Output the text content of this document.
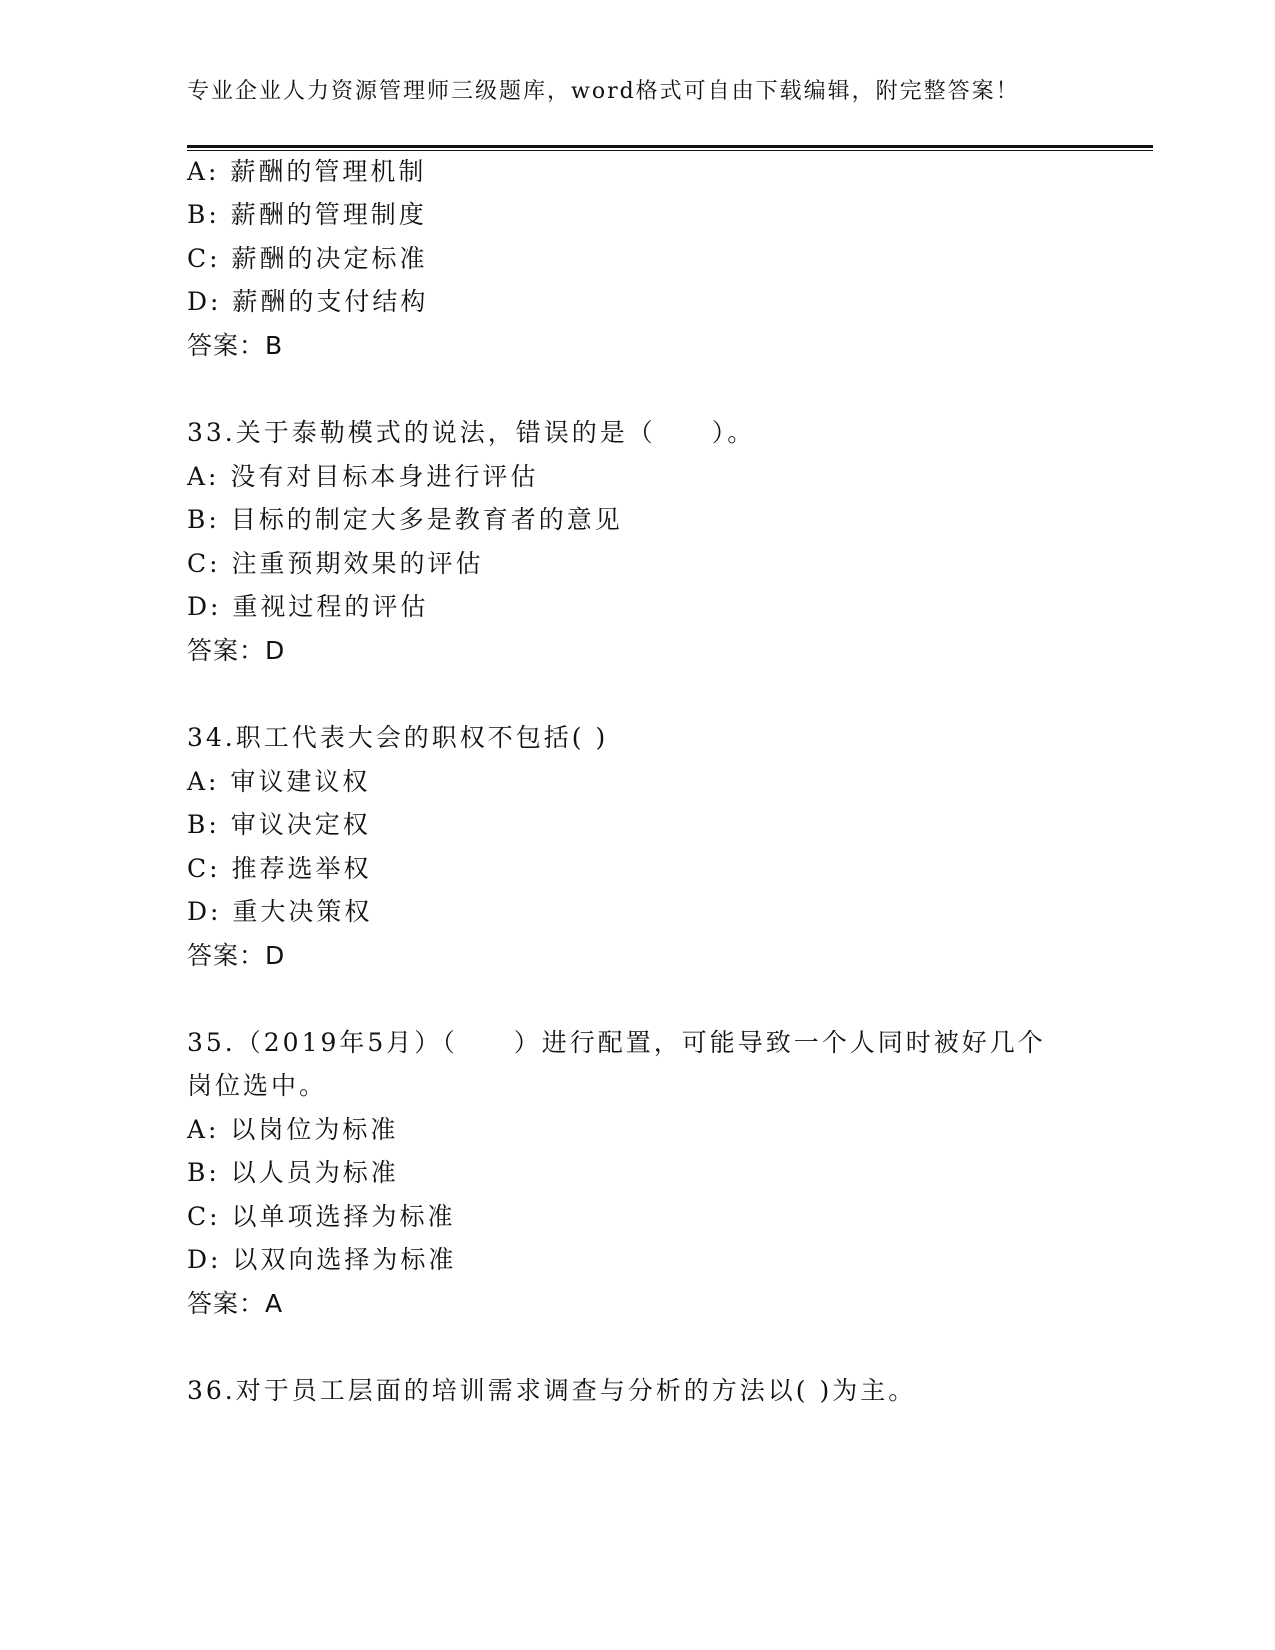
专业企业人力资源管理师三级题库，word格式可自由下载编辑，附完整答案！
A: 薪酬的管理机制
B: 薪酬的管理制度
C: 薪酬的决定标准
D: 薪酬的支付结构
答案：B
33.关于泰勒模式的说法，错误的是（　　）。
A: 没有对目标本身进行评估
B: 目标的制定大多是教育者的意见
C: 注重预期效果的评估
D: 重视过程的评估
答案：D
34.职工代表大会的职权不包括( )
A: 审议建议权
B: 审议决定权
C: 推荐选举权
D: 重大决策权
答案：D
35.（2019年5月）（　　）进行配置，可能导致一个人同时被好几个
岗位选中。
A: 以岗位为标准
B: 以人员为标准
C: 以单项选择为标准
D: 以双向选择为标准
答案：A
36.对于员工层面的培训需求调查与分析的方法以( )为主。
